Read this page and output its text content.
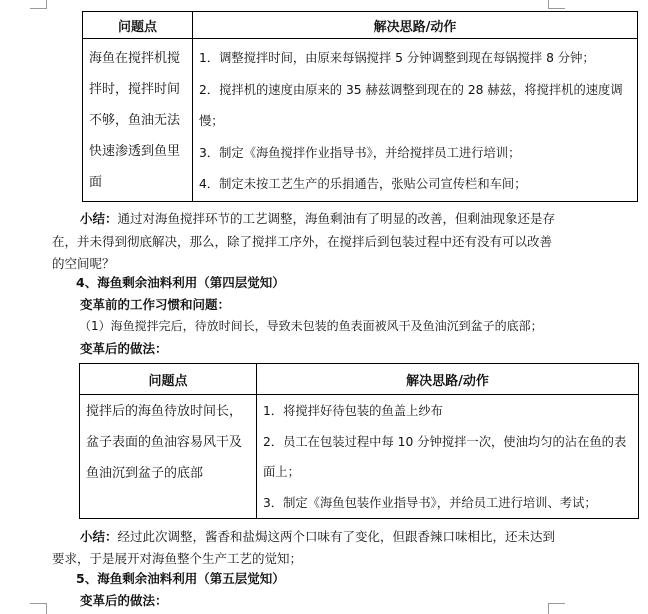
问题点	解决思路/动作

海鱼在搅拌机搅
拌时，搅拌时间
不够，鱼油无法
快速渗透到鱼里
面	1．调整搅拌时间，由原来每锅搅拌 5 分钟调整到现在每锅搅拌 8 分钟；
2．搅拌机的速度由原来的 35 赫兹调整到现在的 28 赫兹，将搅拌机的速度调慢；
3．制定《海鱼搅拌作业指导书》，并给搅拌员工进行培训；
4．制定未按工艺生产的乐捐通告，张贴公司宣传栏和车间；
小结：通过对海鱼搅拌环节的工艺调整，海鱼剩油有了明显的改善，但剩油现象还是存
在，并未得到彻底解决，那么，除了搅拌工序外，在搅拌后到包装过程中还有没有可以改善
的空间呢？
4、海鱼剩余油料利用（第四层觉知）
变革前的工作习惯和问题：
（1）海鱼搅拌完后，待放时间长，导致未包装的鱼表面被风干及鱼油沉到盆子的底部；
变革后的做法：
问题点	解决思路/动作

搅拌后的海鱼待放时间长，
盆子表面的鱼油容易风干及
鱼油沉到盆子的底部	1．将搅拌好待包装的鱼盖上纱布
2．员工在包装过程中每 10 分钟搅拌一次，使油均匀的沾在鱼的表面上；
3．制定《海鱼包装作业指导书》，并给员工进行培训、考试；
小结：经过此次调整，酱香和盐焗这两个口味有了变化，但跟香辣口味相比，还未达到
要求，于是展开对海鱼整个生产工艺的觉知；
5、海鱼剩余油料利用（第五层觉知）
变革后的做法：
